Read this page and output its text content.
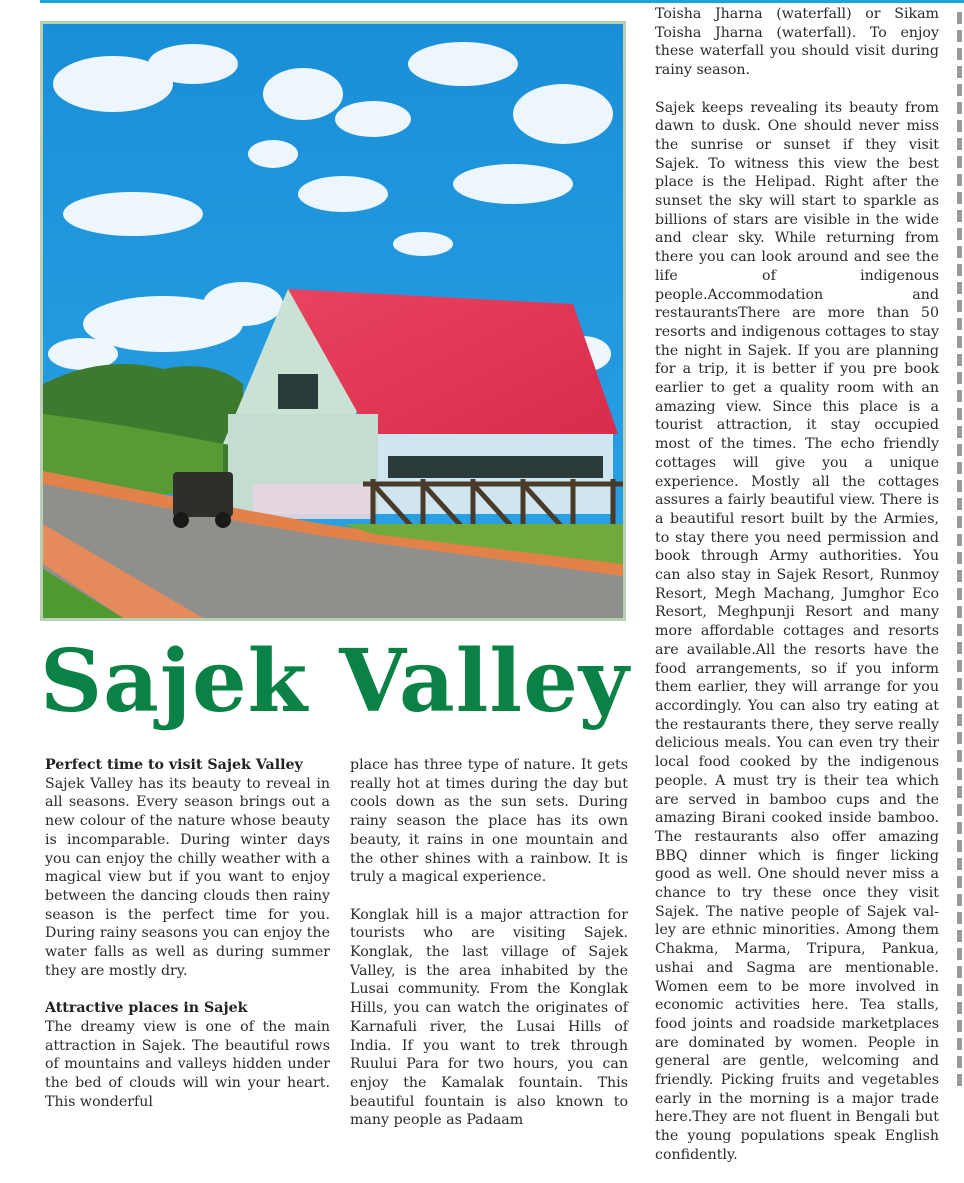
Sajek Valley
Perfect time to visit Sajek Valley

Sajek Valley has its beauty to reveal in all seasons. Every season brings out a new colour of the nature whose beauty is incomparable. During winter days you can enjoy the chilly weather with a magical view but if you want to enjoy between the dancing clouds then rainy season is the perfect time for you. During rainy seasons you can enjoy the water falls as well as during summer they are mostly dry.

Attractive places in Sajek

The dreamy view is one of the main attraction in Sajek. The beautiful rows of mountains and valleys hidden under the bed of clouds will win your heart. This wonderful

place has three type of nature. It gets really hot at times during the day but cools down as the sun sets. During rainy season the place has its own beauty, it rains in one mountain and the other shines with a rainbow. It is truly a magical experience.

Konglak hill is a major attraction for tourists who are visiting Sajek. Konglak, the last village of Sajek Valley, is the area inhabited by the Lusai community. From the Konglak Hills, you can watch the originates of Karnafuli river, the Lusai Hills of India. If you want to trek through Ruului Para for two hours, you can enjoy the Kamalak fountain. This beautiful fountain is also known to many people as Padaam

Toisha Jharna (waterfall) or Sikam Toisha Jharna (waterfall). To enjoy these waterfall you should visit during rainy season.

Sajek keeps revealing its beauty from dawn to dusk. One should never miss the sunrise or sunset if they visit Sajek. To witness this view the best place is the Helipad. Right after the sunset the sky will start to sparkle as billions of stars are visible in the wide and clear sky. While returning from there you can look around and see the life of indigenous people.Accommodation and restaurantsThere are more than 50 resorts and indigenous cottages to stay the night in Sajek. If you are planning for a trip, it is better if you pre book earlier to get a quality room with an amazing view. Since this place is a tourist attraction, it stay occupied most of the times. The echo friendly cottages will give you a unique experience. Mostly all the cottages assures a fairly beautiful view. There is a beautiful resort built by the Armies, to stay there you need permission and book through Army authorities. You can also stay in Sajek Resort, Runmoy Resort, Megh Machang, Jumghor Eco Resort, Meghpunji Resort and many more affordable cottages and resorts are available.All the resorts have the food arrangements, so if you inform them earlier, they will arrange for you accordingly. You can also try eating at the restaurants there, they serve really delicious meals. You can even try their local food cooked by the indigenous people. A must try is their tea which are served in bamboo cups and the amazing Birani cooked inside bamboo. The restaurants also offer amazing BBQ dinner which is finger licking good as well. One should never miss a chance to try these once they visit Sajek. The native people of Sajek valley are ethnic minorities. Among them Chakma, Marma, Tripura, Pankua, ushai and Sagma are mentionable. Women eem to be more involved in economic activities here. Tea stalls, food joints and roadside marketplaces are dominated by women. People in general are gentle, welcoming and friendly. Picking fruits and vegetables early in the morning is a major trade here.They are not fluent in Bengali but the young populations speak English confidently.
